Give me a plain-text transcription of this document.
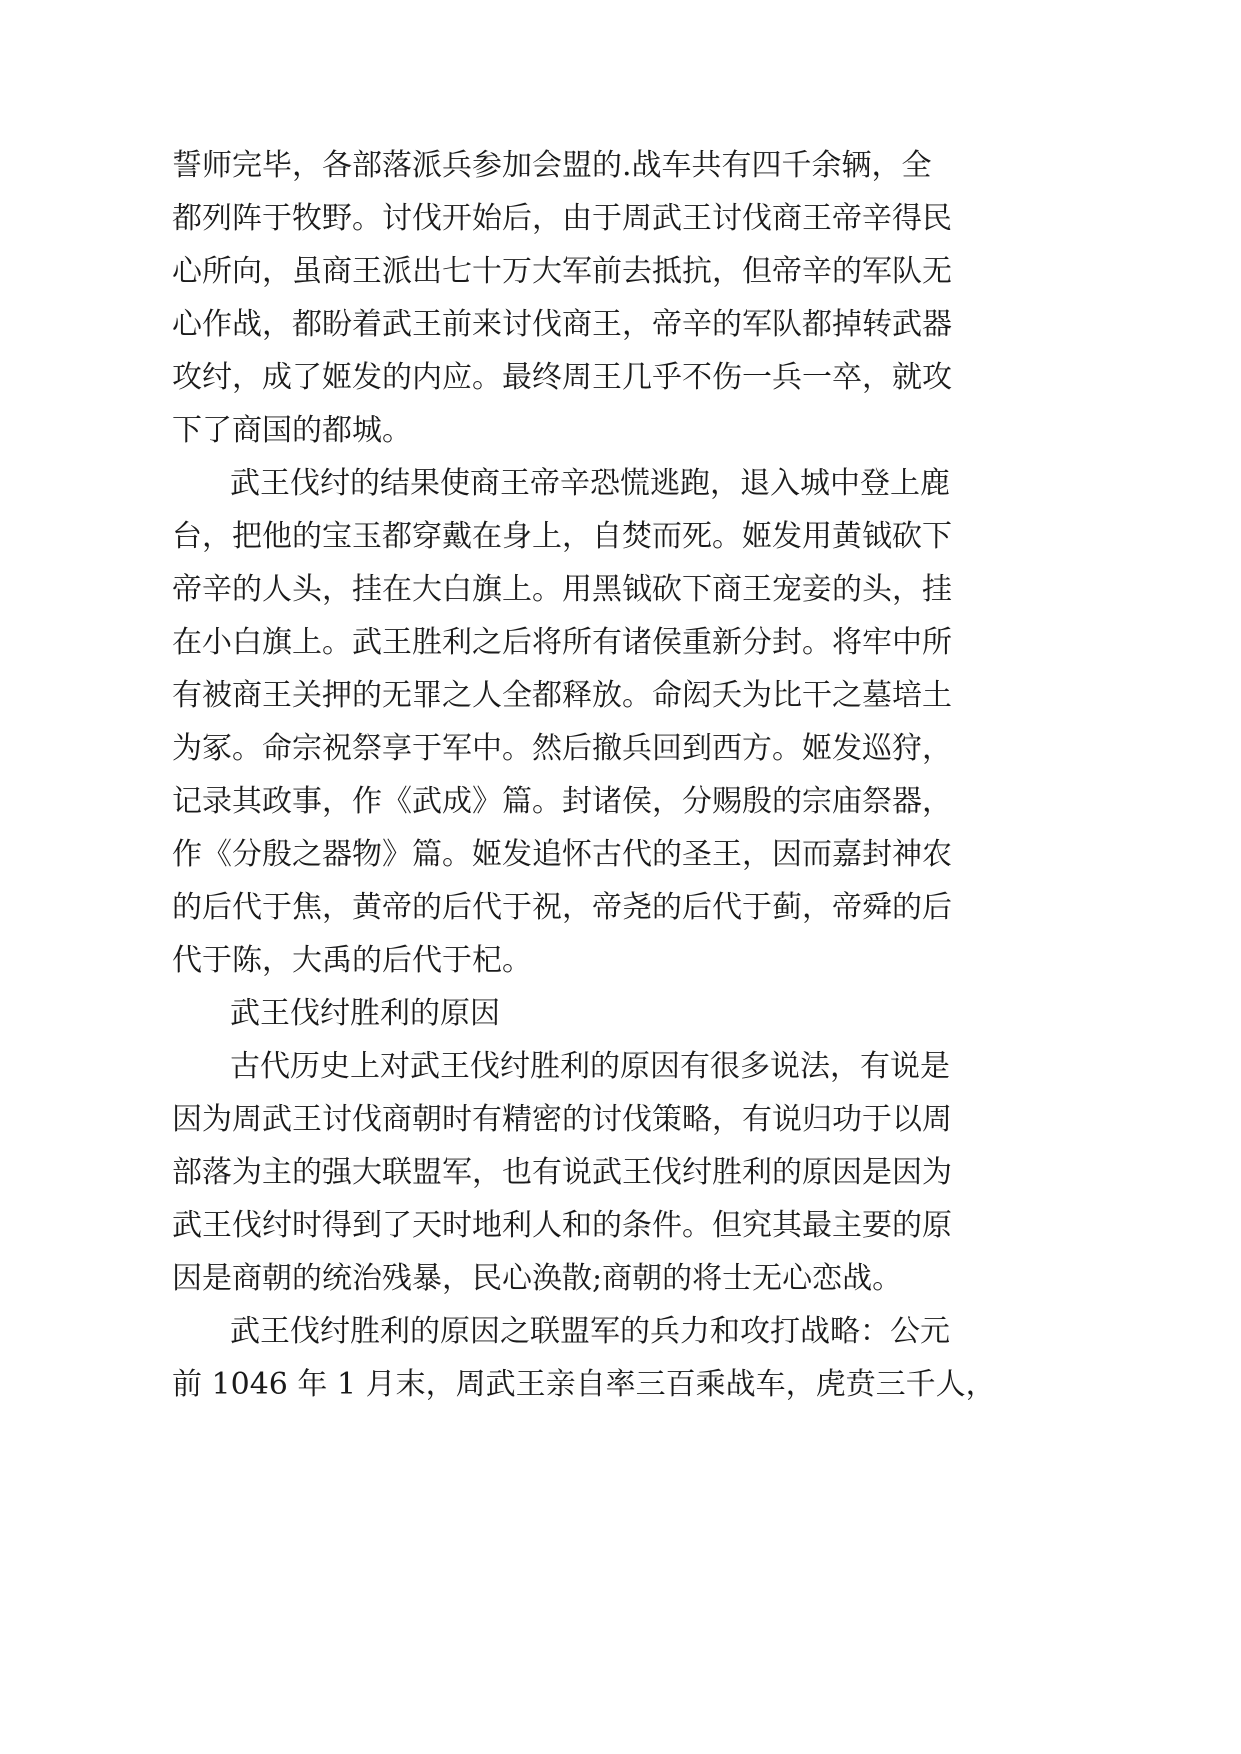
誓师完毕，各部落派兵参加会盟的.战车共有四千余辆，全
都列阵于牧野。讨伐开始后，由于周武王讨伐商王帝辛得民
心所向，虽商王派出七十万大军前去抵抗，但帝辛的军队无
心作战，都盼着武王前来讨伐商王，帝辛的军队都掉转武器
攻纣，成了姬发的内应。最终周王几乎不伤一兵一卒，就攻
下了商国的都城。
武王伐纣的结果使商王帝辛恐慌逃跑，退入城中登上鹿
台，把他的宝玉都穿戴在身上，自焚而死。姬发用黄钺砍下
帝辛的人头，挂在大白旗上。用黑钺砍下商王宠妾的头，挂
在小白旗上。武王胜利之后将所有诸侯重新分封。将牢中所
有被商王关押的无罪之人全都释放。命闳夭为比干之墓培土
为冢。命宗祝祭享于军中。然后撤兵回到西方。姬发巡狩，
记录其政事，作《武成》篇。封诸侯，分赐殷的宗庙祭器，
作《分殷之器物》篇。姬发追怀古代的圣王，因而嘉封神农
的后代于焦，黄帝的后代于祝，帝尧的后代于蓟，帝舜的后
代于陈，大禹的后代于杞。
武王伐纣胜利的原因
古代历史上对武王伐纣胜利的原因有很多说法，有说是
因为周武王讨伐商朝时有精密的讨伐策略，有说归功于以周
部落为主的强大联盟军，也有说武王伐纣胜利的原因是因为
武王伐纣时得到了天时地利人和的条件。但究其最主要的原
因是商朝的统治残暴，民心涣散;商朝的将士无心恋战。
武王伐纣胜利的原因之联盟军的兵力和攻打战略：公元
前 1046 年 1 月末，周武王亲自率三百乘战车，虎贲三千人，
